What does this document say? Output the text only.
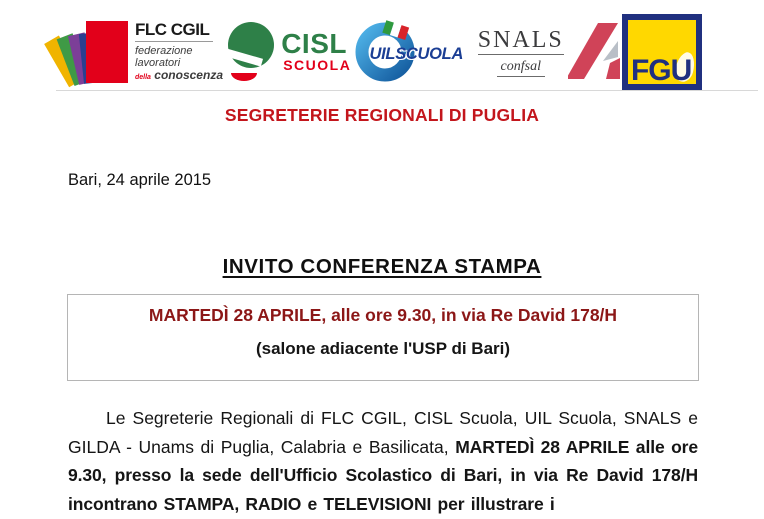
FLC CGIL
federazione
lavoratori
della conoscenza
CISL
SCUOLA
UILSCUOLA
SNALS
confsal	FGU
SEGRETERIE REGIONALI DI PUGLIA
Bari, 24 aprile 2015
INVITO CONFERENZA STAMPA
MARTEDÌ 28 APRILE, alle ore 9.30, in via Re David 178/H
(salone adiacente l'USP di Bari)

Le Segreterie Regionali di FLC CGIL, CISL Scuola, UIL Scuola, SNALS e GILDA - Unams di Puglia, Calabria e Basilicata, MARTEDÌ 28 APRILE alle ore 9.30, presso la sede dell'Ufficio Scolastico di Bari, in via Re David 178/H incontrano STAMPA, RADIO e TELEVISIONI per illustrare i
